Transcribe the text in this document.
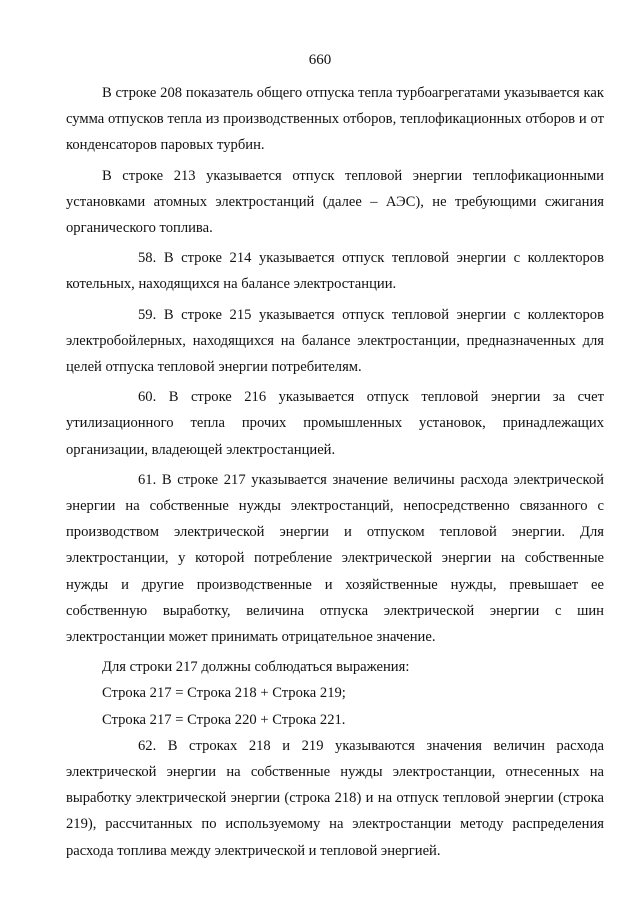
660

В строке 208 показатель общего отпуска тепла турбоагрегатами указывается как сумма отпусков тепла из производственных отборов, теплофикационных отборов и от конденсаторов паровых турбин.

В строке 213 указывается отпуск тепловой энергии теплофикационными установками атомных электростанций (далее – АЭС), не требующими сжигания органического топлива.

58. В строке 214 указывается отпуск тепловой энергии с коллекторов котельных, находящихся на балансе электростанции.

59. В строке 215 указывается отпуск тепловой энергии с коллекторов электробойлерных, находящихся на балансе электростанции, предназначенных для целей отпуска тепловой энергии потребителям.

60. В строке 216 указывается отпуск тепловой энергии за счет утилизационного тепла прочих промышленных установок, принадлежащих организации, владеющей электростанцией.

61. В строке 217 указывается значение величины расхода электрической энергии на собственные нужды электростанций, непосредственно связанного с производством электрической энергии и отпуском тепловой энергии. Для электростанции, у которой потребление электрической энергии на собственные нужды и другие производственные и хозяйственные нужды, превышает ее собственную выработку, величина отпуска электрической энергии с шин электростанции может принимать отрицательное значение.

Для строки 217 должны соблюдаться выражения:

Строка 217 = Строка 218 + Строка 219;

Строка 217 = Строка 220 + Строка 221.

62. В строках 218 и 219 указываются значения величин расхода электрической энергии на собственные нужды электростанции, отнесенных на выработку электрической энергии (строка 218) и на отпуск тепловой энергии (строка 219), рассчитанных по используемому на электростанции методу распределения расхода топлива между электрической и тепловой энергией.
